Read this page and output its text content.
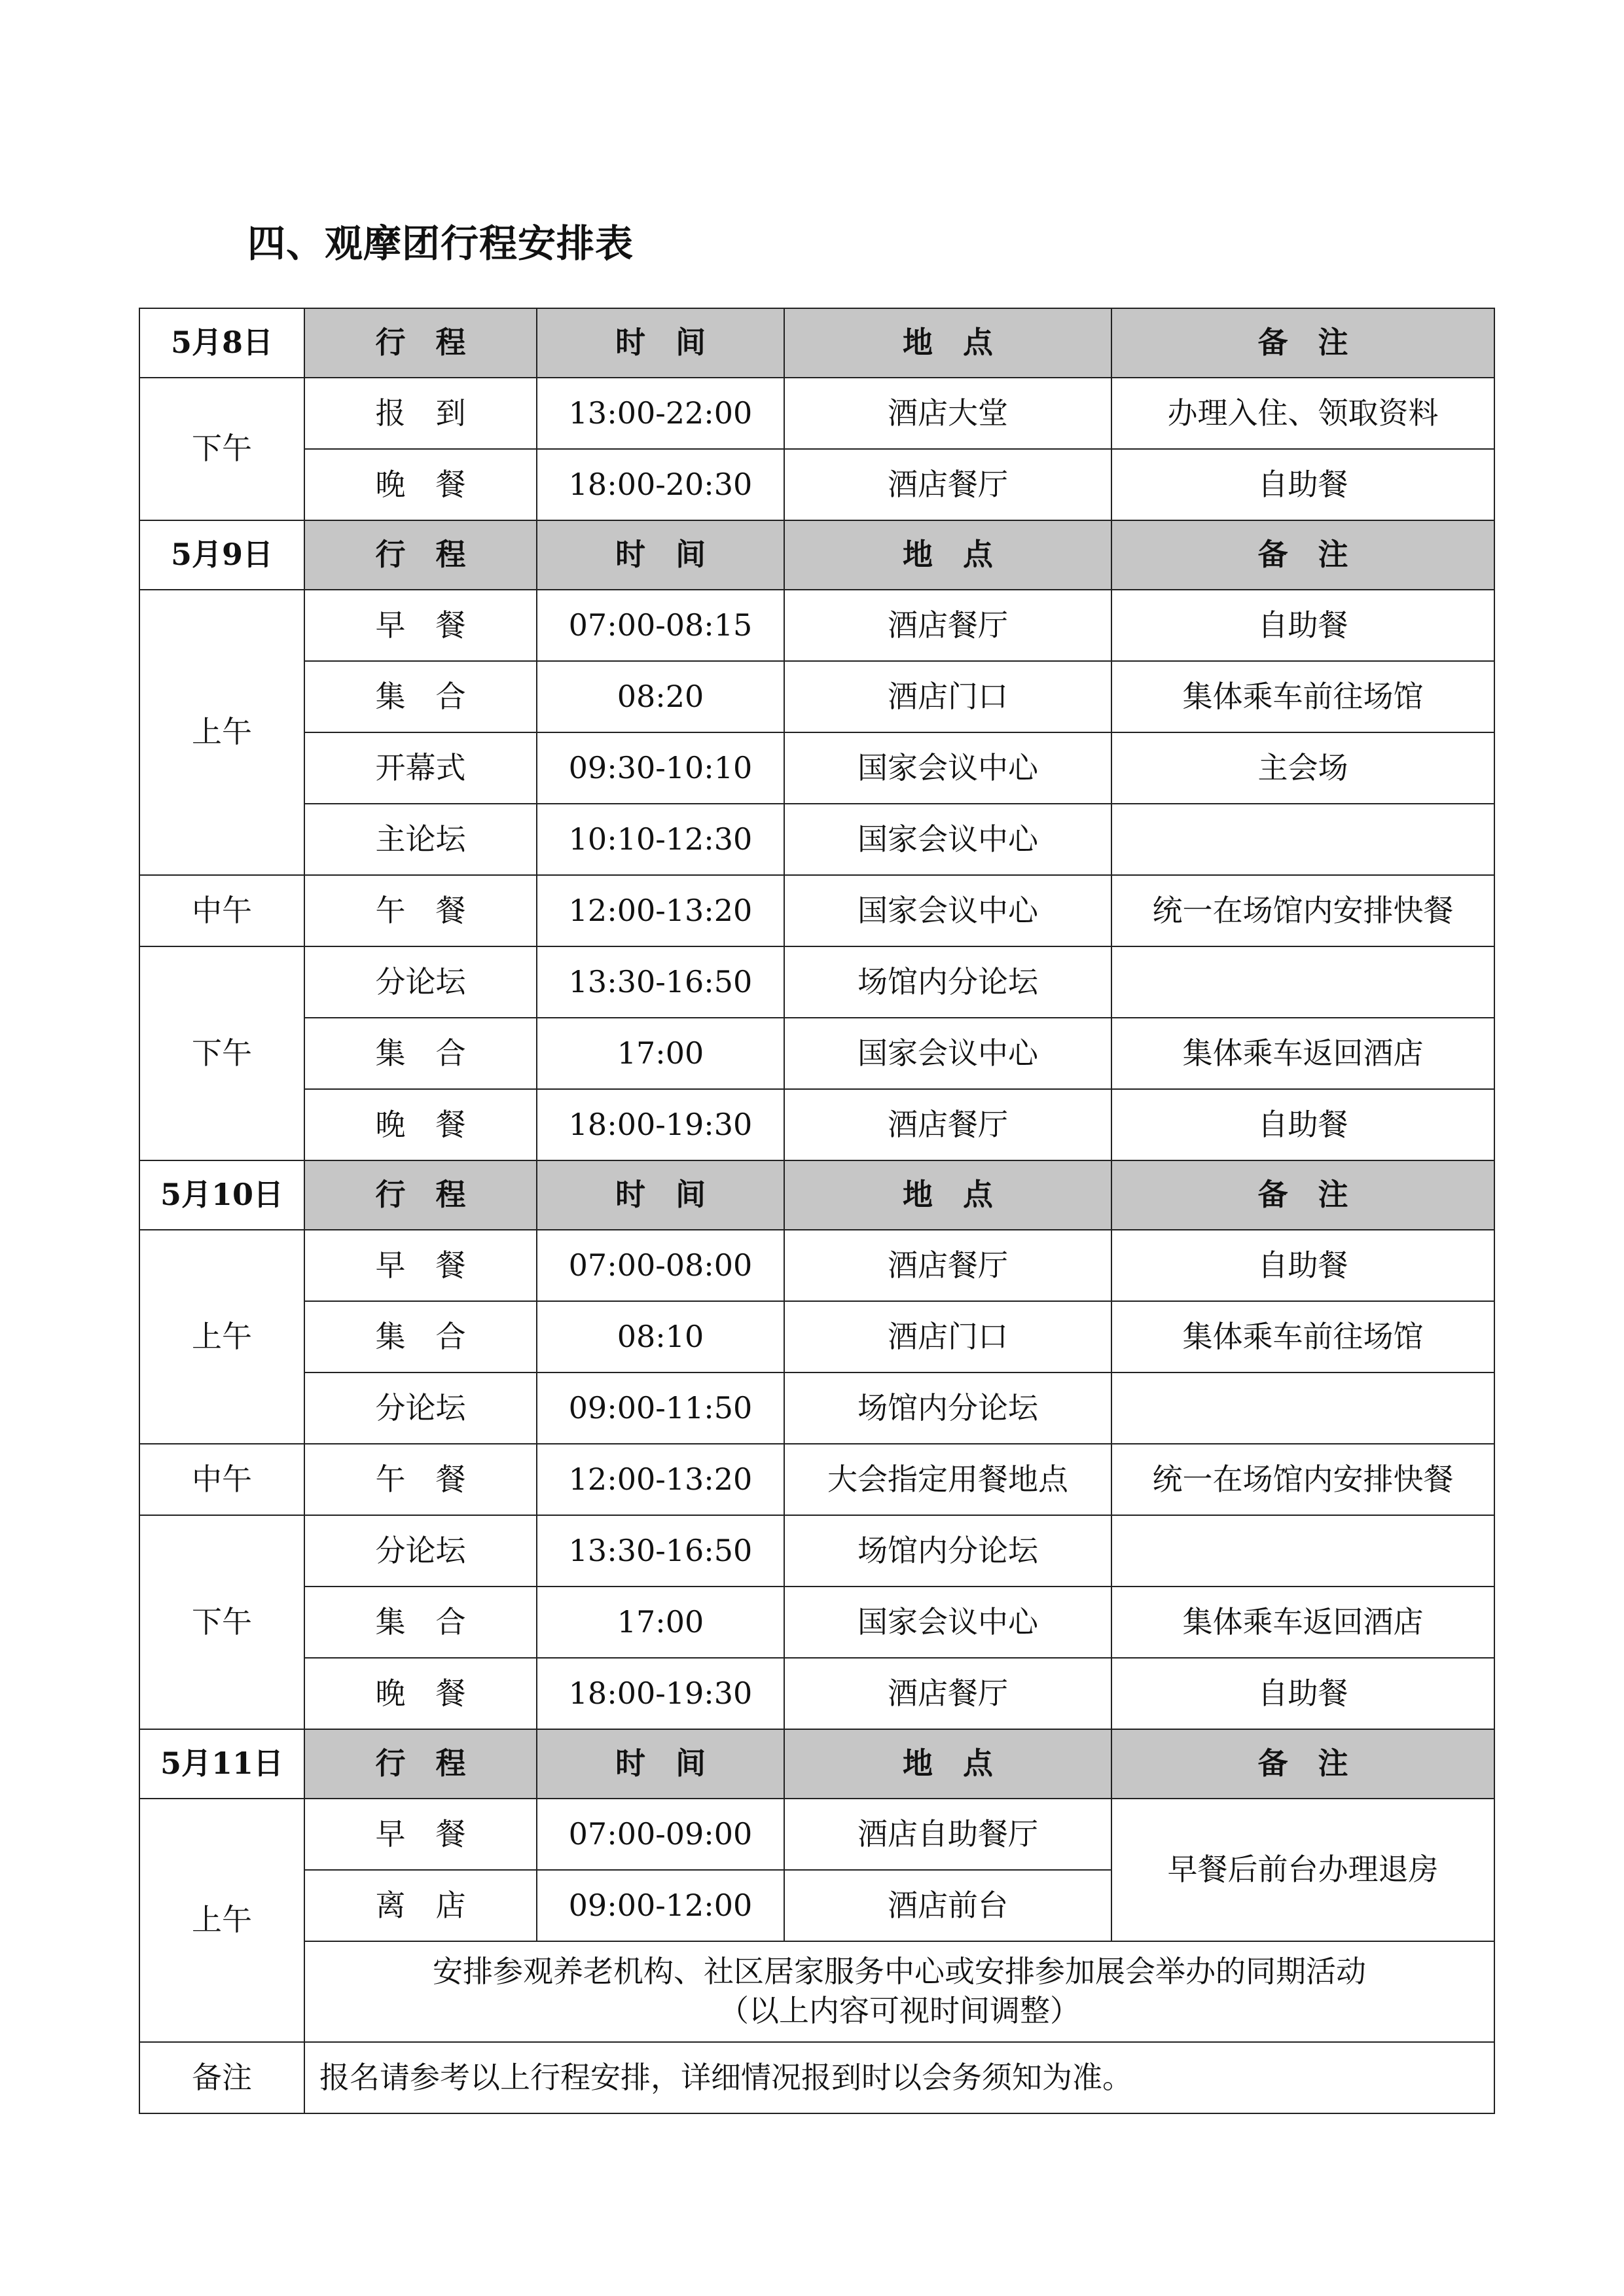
四、观摩团行程安排表
5月8日	行　程	时　间	地　点	备　注
下午	报　到	13:00-22:00	酒店大堂	办理入住、领取资料
	晚　餐	18:00-20:30	酒店餐厅	自助餐
5月9日	行　程	时　间	地　点	备　注
上午	早　餐	07:00-08:15	酒店餐厅	自助餐
	集　合	08:20	酒店门口	集体乘车前往场馆
	开幕式	09:30-10:10	国家会议中心	主会场
	主论坛	10:10-12:30	国家会议中心	
中午	午　餐	12:00-13:20	国家会议中心	统一在场馆内安排快餐
下午	分论坛	13:30-16:50	场馆内分论坛	
	集　合	17:00	国家会议中心	集体乘车返回酒店
	晚　餐	18:00-19:30	酒店餐厅	自助餐
5月10日	行　程	时　间	地　点	备　注
上午	早　餐	07:00-08:00	酒店餐厅	自助餐
	集　合	08:10	酒店门口	集体乘车前往场馆
	分论坛	09:00-11:50	场馆内分论坛	
中午	午　餐	12:00-13:20	大会指定用餐地点	统一在场馆内安排快餐
下午	分论坛	13:30-16:50	场馆内分论坛	
	集　合	17:00	国家会议中心	集体乘车返回酒店
	晚　餐	18:00-19:30	酒店餐厅	自助餐
5月11日	行　程	时　间	地　点	备　注
上午	早　餐	07:00-09:00	酒店自助餐厅	早餐后前台办理退房
	离　店	09:00-12:00	酒店前台	

	安排参观养老机构、社区居家服务中心或安排参加展会举办的同期活动
（以上内容可视时间调整）			

备注	报名请参考以上行程安排，详细情况报到时以会务须知为准。			
